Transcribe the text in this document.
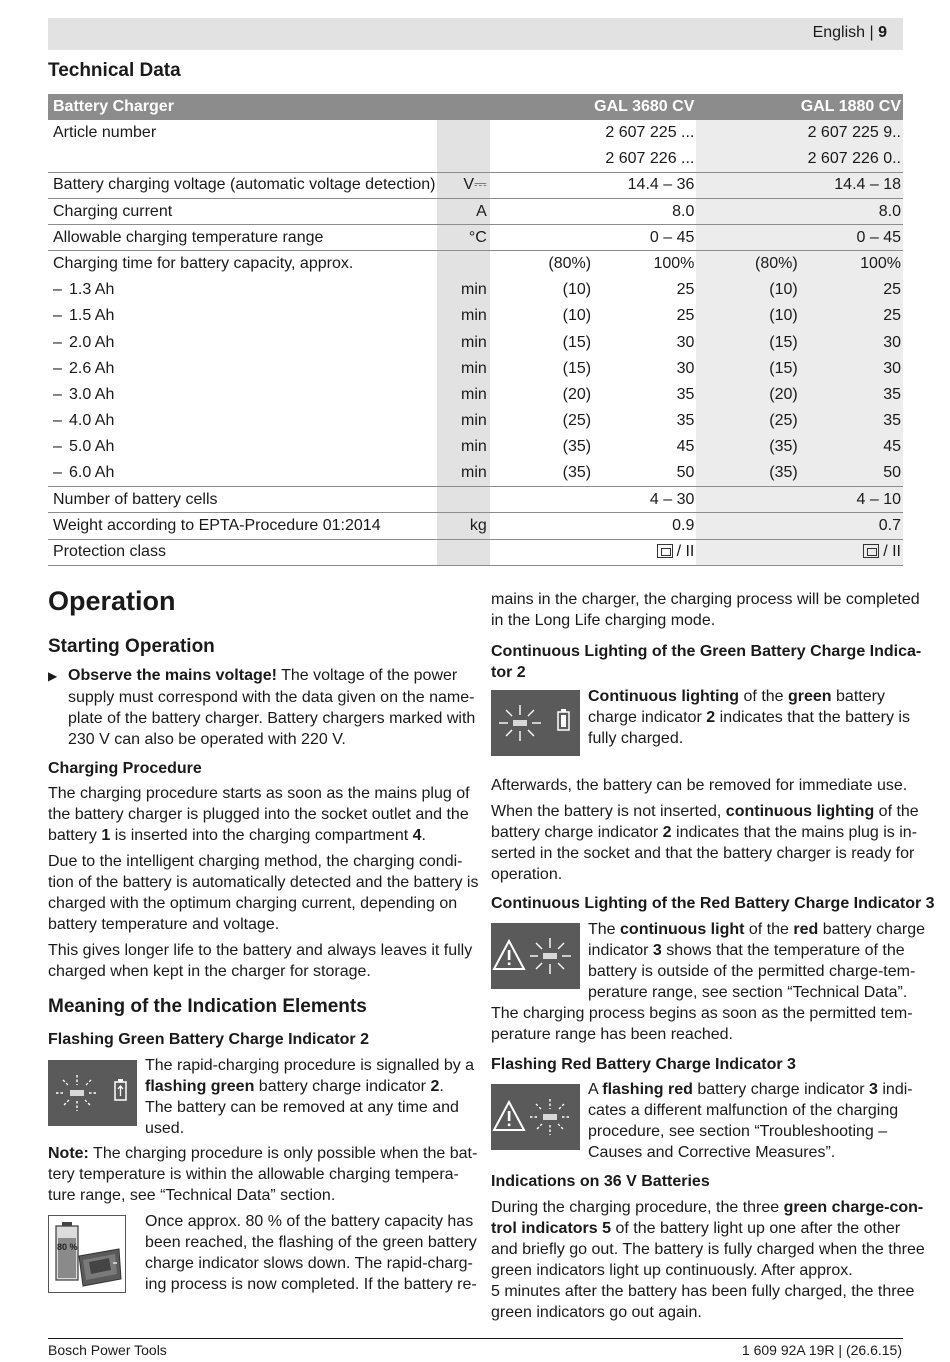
English | 9
Technical Data
Battery Charger		GAL 3680 CV		GAL 1880 CV	
Article number		2 607 225 ...		2 607 225 9..	
		2 607 226 ...		2 607 226 0..	
Battery charging voltage (automatic voltage detection)	V⎓	14.4 – 36		14.4 – 18	
Charging current	A	8.0		8.0	
Allowable charging temperature range	°C	0 – 45		0 – 45	
Charging time for battery capacity, approx.		(80%)	100%	(80%)	100%
– 1.3 Ah	min	(10)	25	(10)	25
– 1.5 Ah	min	(10)	25	(10)	25
– 2.0 Ah	min	(15)	30	(15)	30
– 2.6 Ah	min	(15)	30	(15)	30
– 3.0 Ah	min	(20)	35	(20)	35
– 4.0 Ah	min	(25)	35	(25)	35
– 5.0 Ah	min	(35)	45	(35)	45
– 6.0 Ah	min	(35)	50	(35)	50
Number of battery cells		4 – 30		4 – 10	
Weight according to EPTA-Procedure 01:2014	kg	0.9		0.7	
Protection class		/ II		/ II	
Operation
Starting Operation
▶ Observe the mains voltage! The voltage of the power
supply must correspond with the data given on the name-
plate of the battery charger. Battery chargers marked with
230 V can also be operated with 220 V.
Charging Procedure
The charging procedure starts as soon as the mains plug of
the battery charger is plugged into the socket outlet and the
battery 1 is inserted into the charging compartment 4.
Due to the intelligent charging method, the charging condi-
tion of the battery is automatically detected and the battery is
charged with the optimum charging current, depending on
battery temperature and voltage.
This gives longer life to the battery and always leaves it fully
charged when kept in the charger for storage.
Meaning of the Indication Elements
Flashing Green Battery Charge Indicator 2
The rapid-charging procedure is signalled by a
flashing green battery charge indicator 2.
The battery can be removed at any time and
used.
Note: The charging procedure is only possible when the bat-
tery temperature is within the allowable charging tempera-
ture range, see “Technical Data” section.
80 %
Once approx. 80 % of the battery capacity has
been reached, the flashing of the green battery
charge indicator slows down. The rapid-charg-
ing process is now completed. If the battery re-
mains in the charger, the charging process will be completed
in the Long Life charging mode.
Continuous Lighting of the Green Battery Charge Indica-
tor 2
Continuous lighting of the green battery
charge indicator 2 indicates that the battery is
fully charged.
Afterwards, the battery can be removed for immediate use.
When the battery is not inserted, continuous lighting of the
battery charge indicator 2 indicates that the mains plug is in-
serted in the socket and that the battery charger is ready for
operation.
Continuous Lighting of the Red Battery Charge Indicator 3
The continuous light of the red battery charge
indicator 3 shows that the temperature of the
battery is outside of the permitted charge-tem-
perature range, see section “Technical Data”.
The charging process begins as soon as the permitted tem-
perature range has been reached.
Flashing Red Battery Charge Indicator 3
A flashing red battery charge indicator 3 indi-
cates a different malfunction of the charging
procedure, see section “Troubleshooting –
Causes and Corrective Measures”.
Indications on 36 V Batteries
During the charging procedure, the three green charge-con-
trol indicators 5 of the battery light up one after the other
and briefly go out. The battery is fully charged when the three
green indicators light up continuously. After approx.
5 minutes after the battery has been fully charged, the three
green indicators go out again.
Bosch Power Tools	1 609 92A 19R | (26.6.15)
